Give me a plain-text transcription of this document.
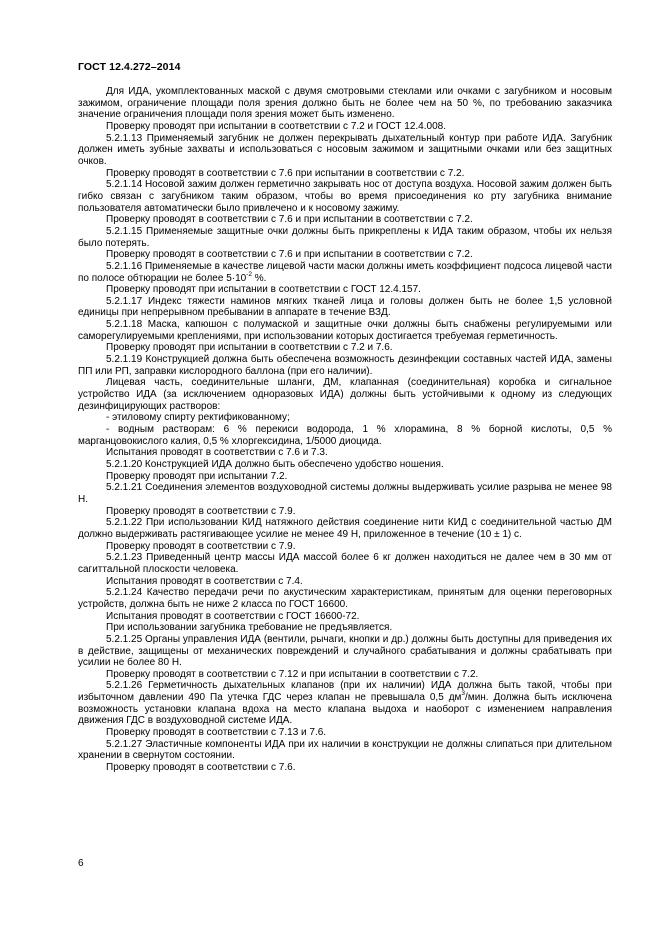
ГОСТ 12.4.272–2014

Для ИДА, укомплектованных маской с двумя смотровыми стеклами или очками с загубником и носовым зажимом, ограничение площади поля зрения должно быть не более чем на 50 %, по требованию заказчика значение ограничения площади поля зрения может быть изменено.

Проверку проводят при испытании в соответствии с 7.2 и ГОСТ 12.4.008.

5.2.1.13 Применяемый загубник не должен перекрывать дыхательный контур при работе ИДА. Загубник должен иметь зубные захваты и использоваться с носовым зажимом и защитными очками или без защитных очков.

Проверку проводят в соответствии с 7.6 при испытании в соответствии с 7.2.

5.2.1.14 Носовой зажим должен герметично закрывать нос от доступа воздуха. Носовой зажим должен быть гибко связан с загубником таким образом, чтобы во время присоединения ко рту загубника внимание пользователя автоматически было привлечено и к носовому зажиму.

Проверку проводят в соответствии с 7.6 и при испытании в соответствии с 7.2.

5.2.1.15 Применяемые защитные очки должны быть прикреплены к ИДА таким образом, чтобы их нельзя было потерять.

Проверку проводят в соответствии с 7.6 и при испытании в соответствии с 7.2.

5.2.1.16 Применяемые в качестве лицевой части маски должны иметь коэффициент подсоса лицевой части по полосе обтюрации не более $5\cdot 10^{-2}$ %.

Проверку проводят при испытании в соответствии с ГОСТ 12.4.157.

5.2.1.17 Индекс тяжести наминов мягких тканей лица и головы должен быть не более 1,5 условной единицы при непрерывном пребывании в аппарате в течение ВЗД.

5.2.1.18 Маска, капюшон с полумаской и защитные очки должны быть снабжены регулируемыми или саморегулируемыми креплениями, при использовании которых достигается требуемая герметичность.

Проверку проводят при испытании в соответствии с 7.2 и 7.6.

5.2.1.19 Конструкцией должна быть обеспечена возможность дезинфекции составных частей ИДА, замены ПП или РП, заправки кислородного баллона (при его наличии).

Лицевая часть, соединительные шланги, ДМ, клапанная (соединительная) коробка и сигнальное устройство ИДА (за исключением одноразовых ИДА) должны быть устойчивыми к одному из следующих дезинфицирующих растворов:

- этиловому спирту ректификованному;

- водным растворам: 6 % перекиси водорода, 1 % хлорамина, 8 % борной кислоты, 0,5 % марганцовокислого калия, 0,5 % хлоргексидина, 1/5000 диоцида.

Испытания проводят в соответствии с 7.6 и 7.3.

5.2.1.20 Конструкцией ИДА должно быть обеспечено удобство ношения.

Проверку проводят при испытании 7.2.

5.2.1.21 Соединения элементов воздуховодной системы должны выдерживать усилие разрыва не менее 98 Н.

Проверку проводят в соответствии с 7.9.

5.2.1.22 При использовании КИД натяжного действия соединение нити КИД с соединительной частью ДМ должно выдерживать растягивающее усилие не менее 49 Н, приложенное в течение (10 ± 1) с.

Проверку проводят в соответствии с 7.9.

5.2.1.23 Приведенный центр массы ИДА массой более 6 кг должен находиться не далее чем в 30 мм от сагиттальной плоскости человека.

Испытания проводят в соответствии с 7.4.

5.2.1.24 Качество передачи речи по акустическим характеристикам, принятым для оценки переговорных устройств, должна быть не ниже 2 класса по ГОСТ 16600.

Испытания проводят в соответствии с ГОСТ 16600-72.

При использовании загубника требование не предъявляется.

5.2.1.25 Органы управления ИДА (вентили, рычаги, кнопки и др.) должны быть доступны для приведения их в действие, защищены от механических повреждений и случайного срабатывания и должны срабатывать при усилии не более 80 Н.

Проверку проводят в соответствии с 7.12 и при испытании в соответствии с 7.2.

5.2.1.26 Герметичность дыхательных клапанов (при их наличии) ИДА должна быть такой, чтобы при избыточном давлении 490 Па утечка ГДС через клапан не превышала 0,5 $дм^3$/мин. Должна быть исключена возможность установки клапана вдоха на место клапана выдоха и наоборот с изменением направления движения ГДС в воздуховодной системе ИДА.

Проверку проводят в соответствии с 7.13 и 7.6.

5.2.1.27 Эластичные компоненты ИДА при их наличии в конструкции не должны слипаться при длительном хранении в свернутом состоянии.

Проверку проводят в соответствии с 7.6.

6
